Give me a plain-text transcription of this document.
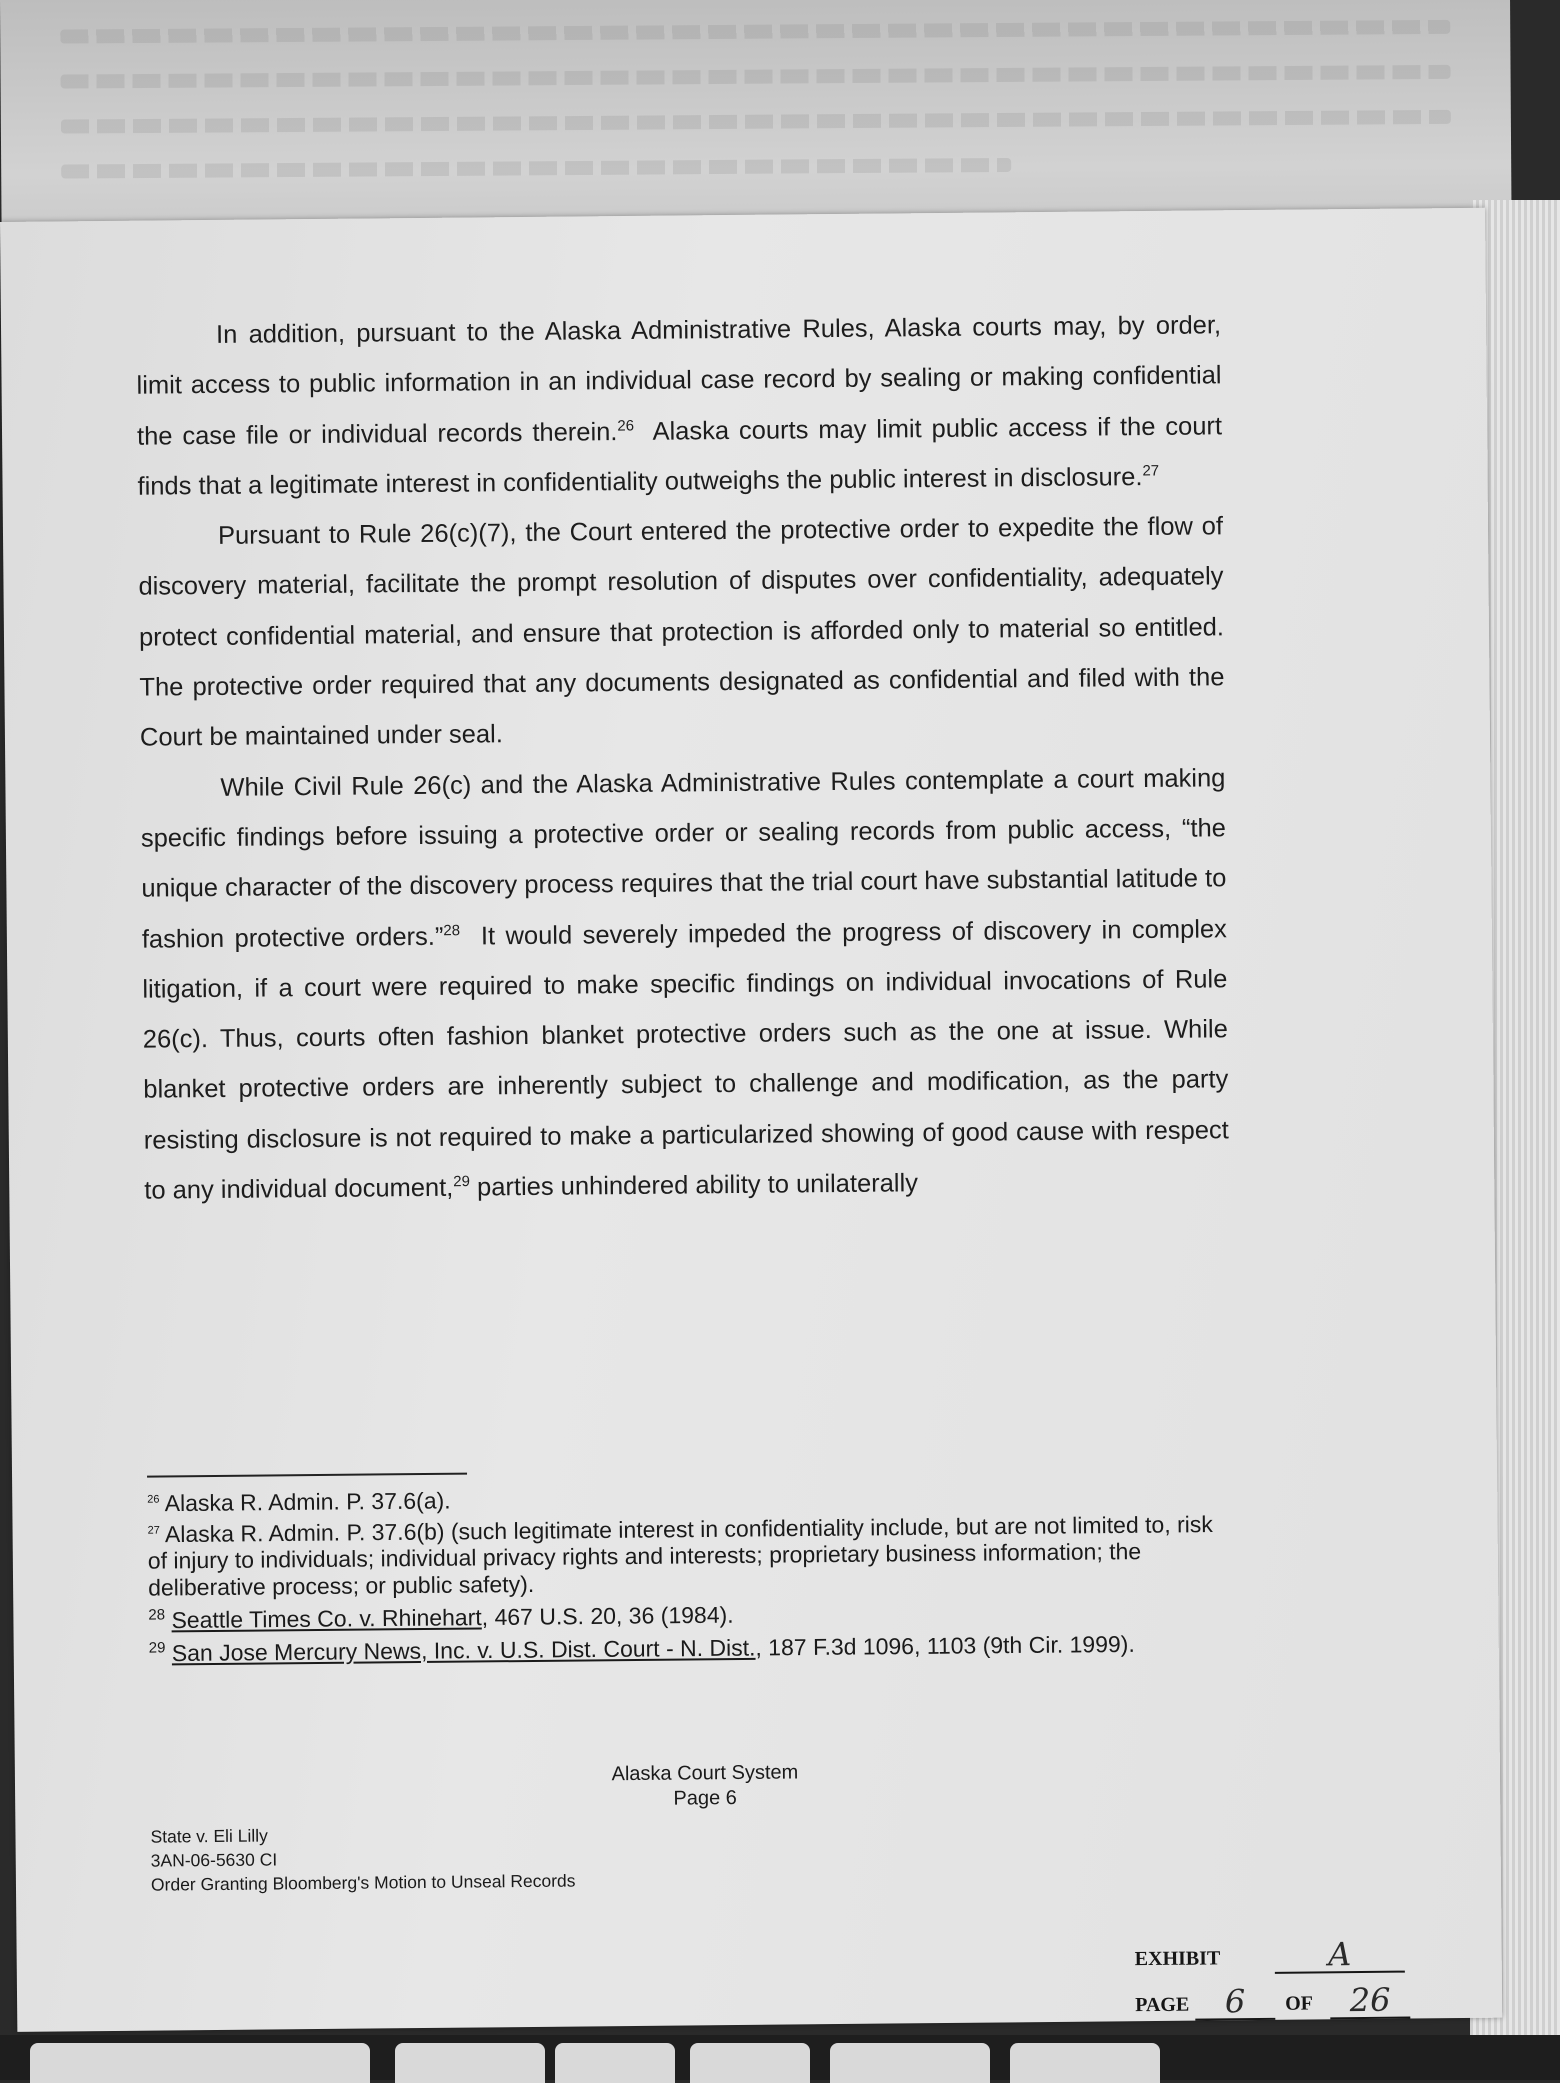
In addition, pursuant to the Alaska Administrative Rules, Alaska courts may, by order, limit access to public information in an individual case record by sealing or making confidential the case file or individual records therein.$^{26}$ Alaska courts may limit public access if the court finds that a legitimate interest in confidentiality outweighs the public interest in disclosure.$^{27}$

Pursuant to Rule 26(c)(7), the Court entered the protective order to expedite the flow of discovery material, facilitate the prompt resolution of disputes over confidentiality, adequately protect confidential material, and ensure that protection is afforded only to material so entitled. The protective order required that any documents designated as confidential and filed with the Court be maintained under seal.

While Civil Rule 26(c) and the Alaska Administrative Rules contemplate a court making specific findings before issuing a protective order or sealing records from public access, “the unique character of the discovery process requires that the trial court have substantial latitude to fashion protective orders.”$^{28}$ It would severely impeded the progress of discovery in complex litigation, if a court were required to make specific findings on individual invocations of Rule 26(c). Thus, courts often fashion blanket protective orders such as the one at issue. While blanket protective orders are inherently subject to challenge and modification, as the party resisting disclosure is not required to make a particularized showing of good cause with respect to any individual document,$^{29}$ parties unhindered ability to unilaterally

$^{26}$ Alaska R. Admin. P. 37.6(a).

$^{27}$ Alaska R. Admin. P. 37.6(b) (such legitimate interest in confidentiality include, but are not limited to, risk of injury to individuals; individual privacy rights and interests; proprietary business information; the deliberative process; or public safety).

$^{28}$ Seattle Times Co. v. Rhinehart, 467 U.S. 20, 36 (1984).

$^{29}$ San Jose Mercury News, Inc. v. U.S. Dist. Court - N. Dist., 187 F.3d 1096, 1103 (9th Cir. 1999).

Alaska Court System
Page 6
State v. Eli Lilly
3AN-06-5630 CI
Order Granting Bloomberg's Motion to Unseal Records
EXHIBIT	A
PAGE	6	OF	26
